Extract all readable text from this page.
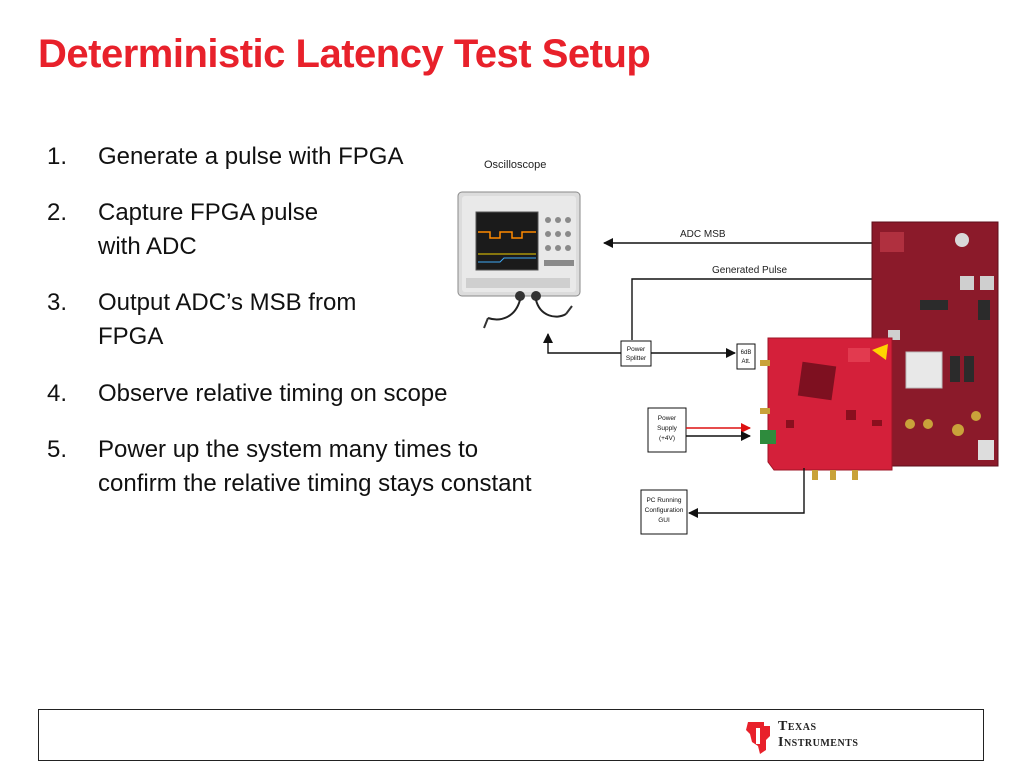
Deterministic Latency Test Setup
1. Generate a pulse with FPGA
2. Capture FPGA pulse
with ADC
3. Output ADC’s MSB from
FPGA
4. Observe relative timing on scope
5. Power up the system many times to
confirm the relative timing stays constant
Oscilloscope
ADC MSB
Generated Pulse
Power
Splitter
6dB
Att.
Power
Supply
(+4V)
PC Running
Configuration
GUI
Texas
Instruments
